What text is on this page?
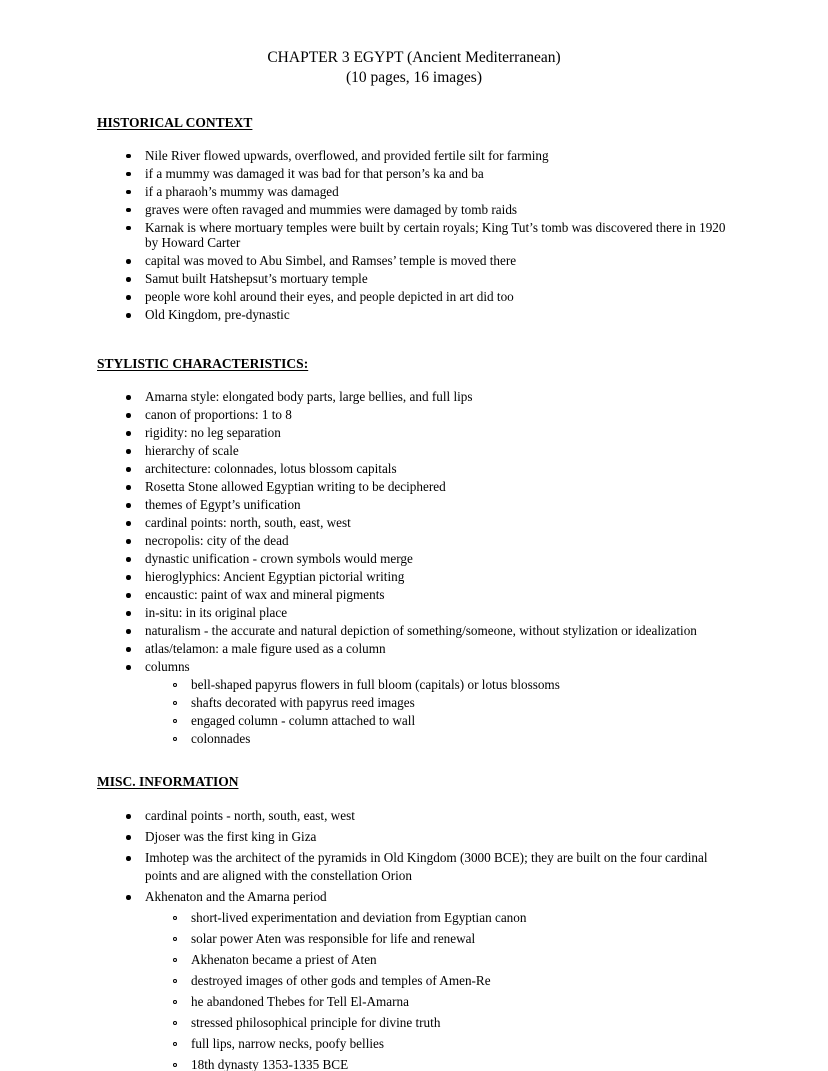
CHAPTER 3 EGYPT (Ancient Mediterranean)
(10 pages, 16 images)
HISTORICAL CONTEXT
Nile River flowed upwards, overflowed, and provided fertile silt for farming
if a mummy was damaged it was bad for that person’s ka and ba
if a pharaoh’s mummy was damaged
graves were often ravaged and mummies were damaged by tomb raids
Karnak is where mortuary temples were built by certain royals; King Tut’s tomb was discovered there in 1920 by Howard Carter
capital was moved to Abu Simbel, and Ramses’ temple is moved there
Samut built Hatshepsut’s mortuary temple
people wore kohl around their eyes, and people depicted in art did too
Old Kingdom, pre-dynastic
STYLISTIC CHARACTERISTICS:
Amarna style: elongated body parts, large bellies, and full lips
canon of proportions: 1 to 8
rigidity: no leg separation
hierarchy of scale
architecture: colonnades, lotus blossom capitals
Rosetta Stone allowed Egyptian writing to be deciphered
themes of Egypt’s unification
cardinal points: north, south, east, west
necropolis: city of the dead
dynastic unification - crown symbols would merge
hieroglyphics: Ancient Egyptian pictorial writing
encaustic: paint of wax and mineral pigments
in-situ: in its original place
naturalism - the accurate and natural depiction of something/someone, without stylization or idealization
atlas/telamon: a male figure used as a column
columns
bell-shaped papyrus flowers in full bloom (capitals) or lotus blossoms
shafts decorated with papyrus reed images
engaged column - column attached to wall
colonnades
MISC. INFORMATION
cardinal points - north, south, east, west
Djoser was the first king in Giza
Imhotep was the architect of the pyramids in Old Kingdom (3000 BCE); they are built on the four cardinal points and are aligned with the constellation Orion
Akhenaton and the Amarna period
short-lived experimentation and deviation from Egyptian canon
solar power Aten was responsible for life and renewal
Akhenaton became a priest of Aten
destroyed images of other gods and temples of Amen-Re
he abandoned Thebes for Tell El-Amarna
stressed philosophical principle for divine truth
full lips, narrow necks, poofy bellies
18th dynasty 1353-1335 BCE
